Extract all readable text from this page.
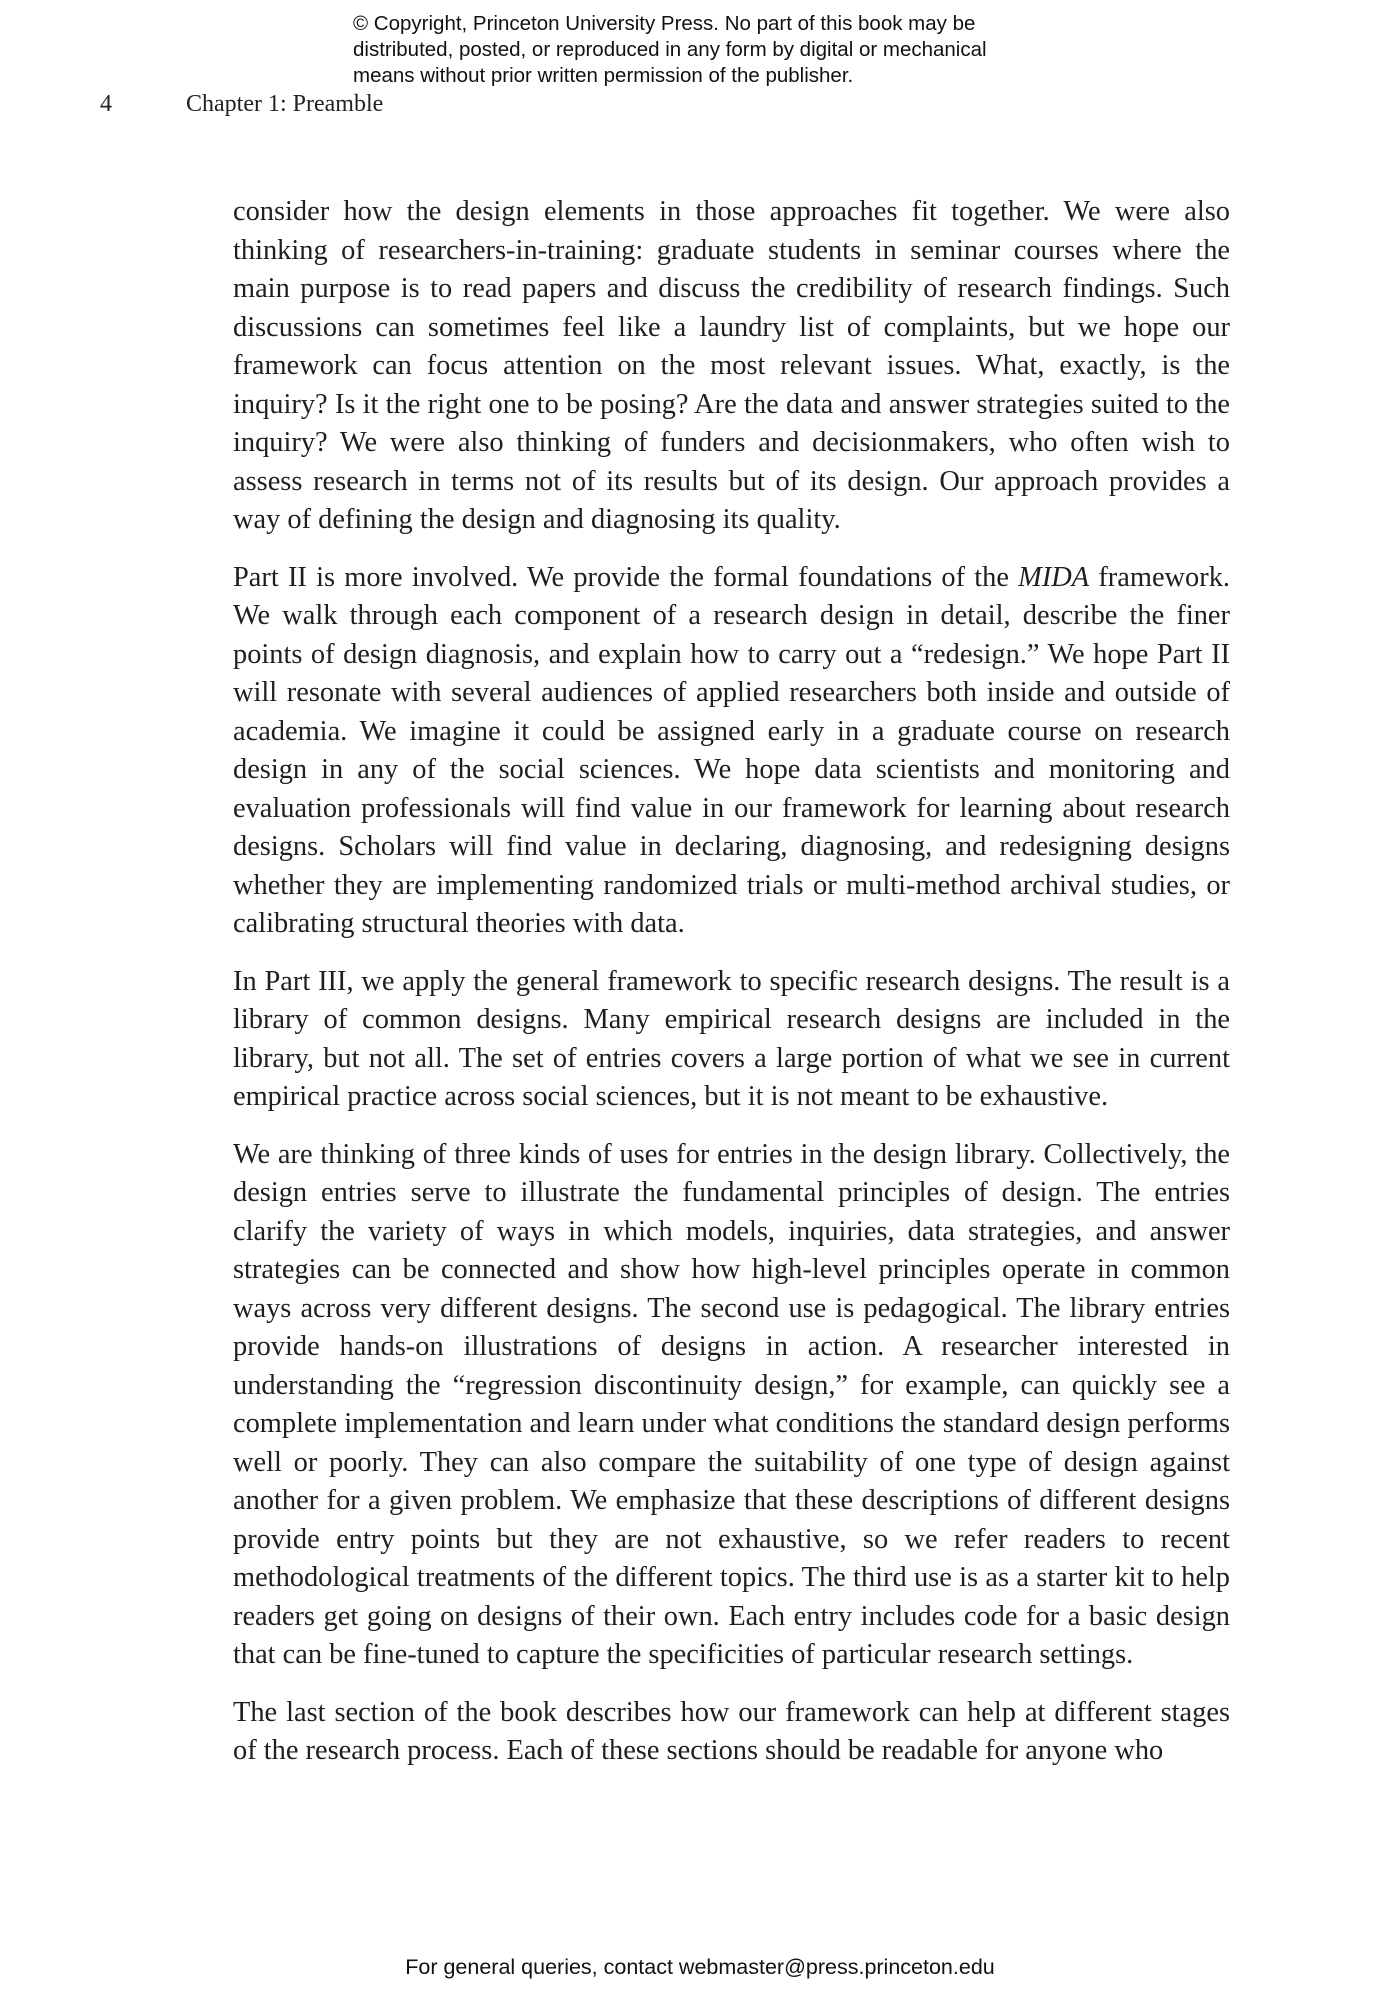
© Copyright, Princeton University Press. No part of this book may be
distributed, posted, or reproduced in any form by digital or mechanical
means without prior written permission of the publisher.
4	Chapter 1: Preamble

consider how the design elements in those approaches fit together. We were also thinking of researchers-in-training: graduate students in seminar courses where the main purpose is to read papers and discuss the credibility of research findings. Such discussions can sometimes feel like a laundry list of complaints, but we hope our framework can focus attention on the most relevant issues. What, exactly, is the inquiry? Is it the right one to be posing? Are the data and answer strategies suited to the inquiry? We were also thinking of funders and decisionmakers, who often wish to assess research in terms not of its results but of its design. Our approach provides a way of defining the design and diagnosing its quality.

Part II is more involved. We provide the formal foundations of the MIDA framework. We walk through each component of a research design in detail, describe the finer points of design diagnosis, and explain how to carry out a “redesign.” We hope Part II will resonate with several audiences of applied researchers both inside and outside of academia. We imagine it could be assigned early in a graduate course on research design in any of the social sciences. We hope data scientists and monitoring and evaluation professionals will find value in our framework for learning about research designs. Scholars will find value in declaring, diagnosing, and redesigning designs whether they are implementing randomized trials or multi-method archival studies, or calibrating structural theories with data.

In Part III, we apply the general framework to specific research designs. The result is a library of common designs. Many empirical research designs are included in the library, but not all. The set of entries covers a large portion of what we see in current empirical practice across social sciences, but it is not meant to be exhaustive.

We are thinking of three kinds of uses for entries in the design library. Collectively, the design entries serve to illustrate the fundamental principles of design. The entries clarify the variety of ways in which models, inquiries, data strategies, and answer strategies can be connected and show how high-level principles operate in common ways across very different designs. The second use is pedagogical. The library entries provide hands-on illustrations of designs in action. A researcher interested in understanding the “regression discontinuity design,” for example, can quickly see a complete implementation and learn under what conditions the standard design performs well or poorly. They can also compare the suitability of one type of design against another for a given problem. We emphasize that these descriptions of different designs provide entry points but they are not exhaustive, so we refer readers to recent methodological treatments of the different topics. The third use is as a starter kit to help readers get going on designs of their own. Each entry includes code for a basic design that can be fine-tuned to capture the specificities of particular research settings.

The last section of the book describes how our framework can help at different stages of the research process. Each of these sections should be readable for anyone who

For general queries, contact webmaster@press.princeton.edu
